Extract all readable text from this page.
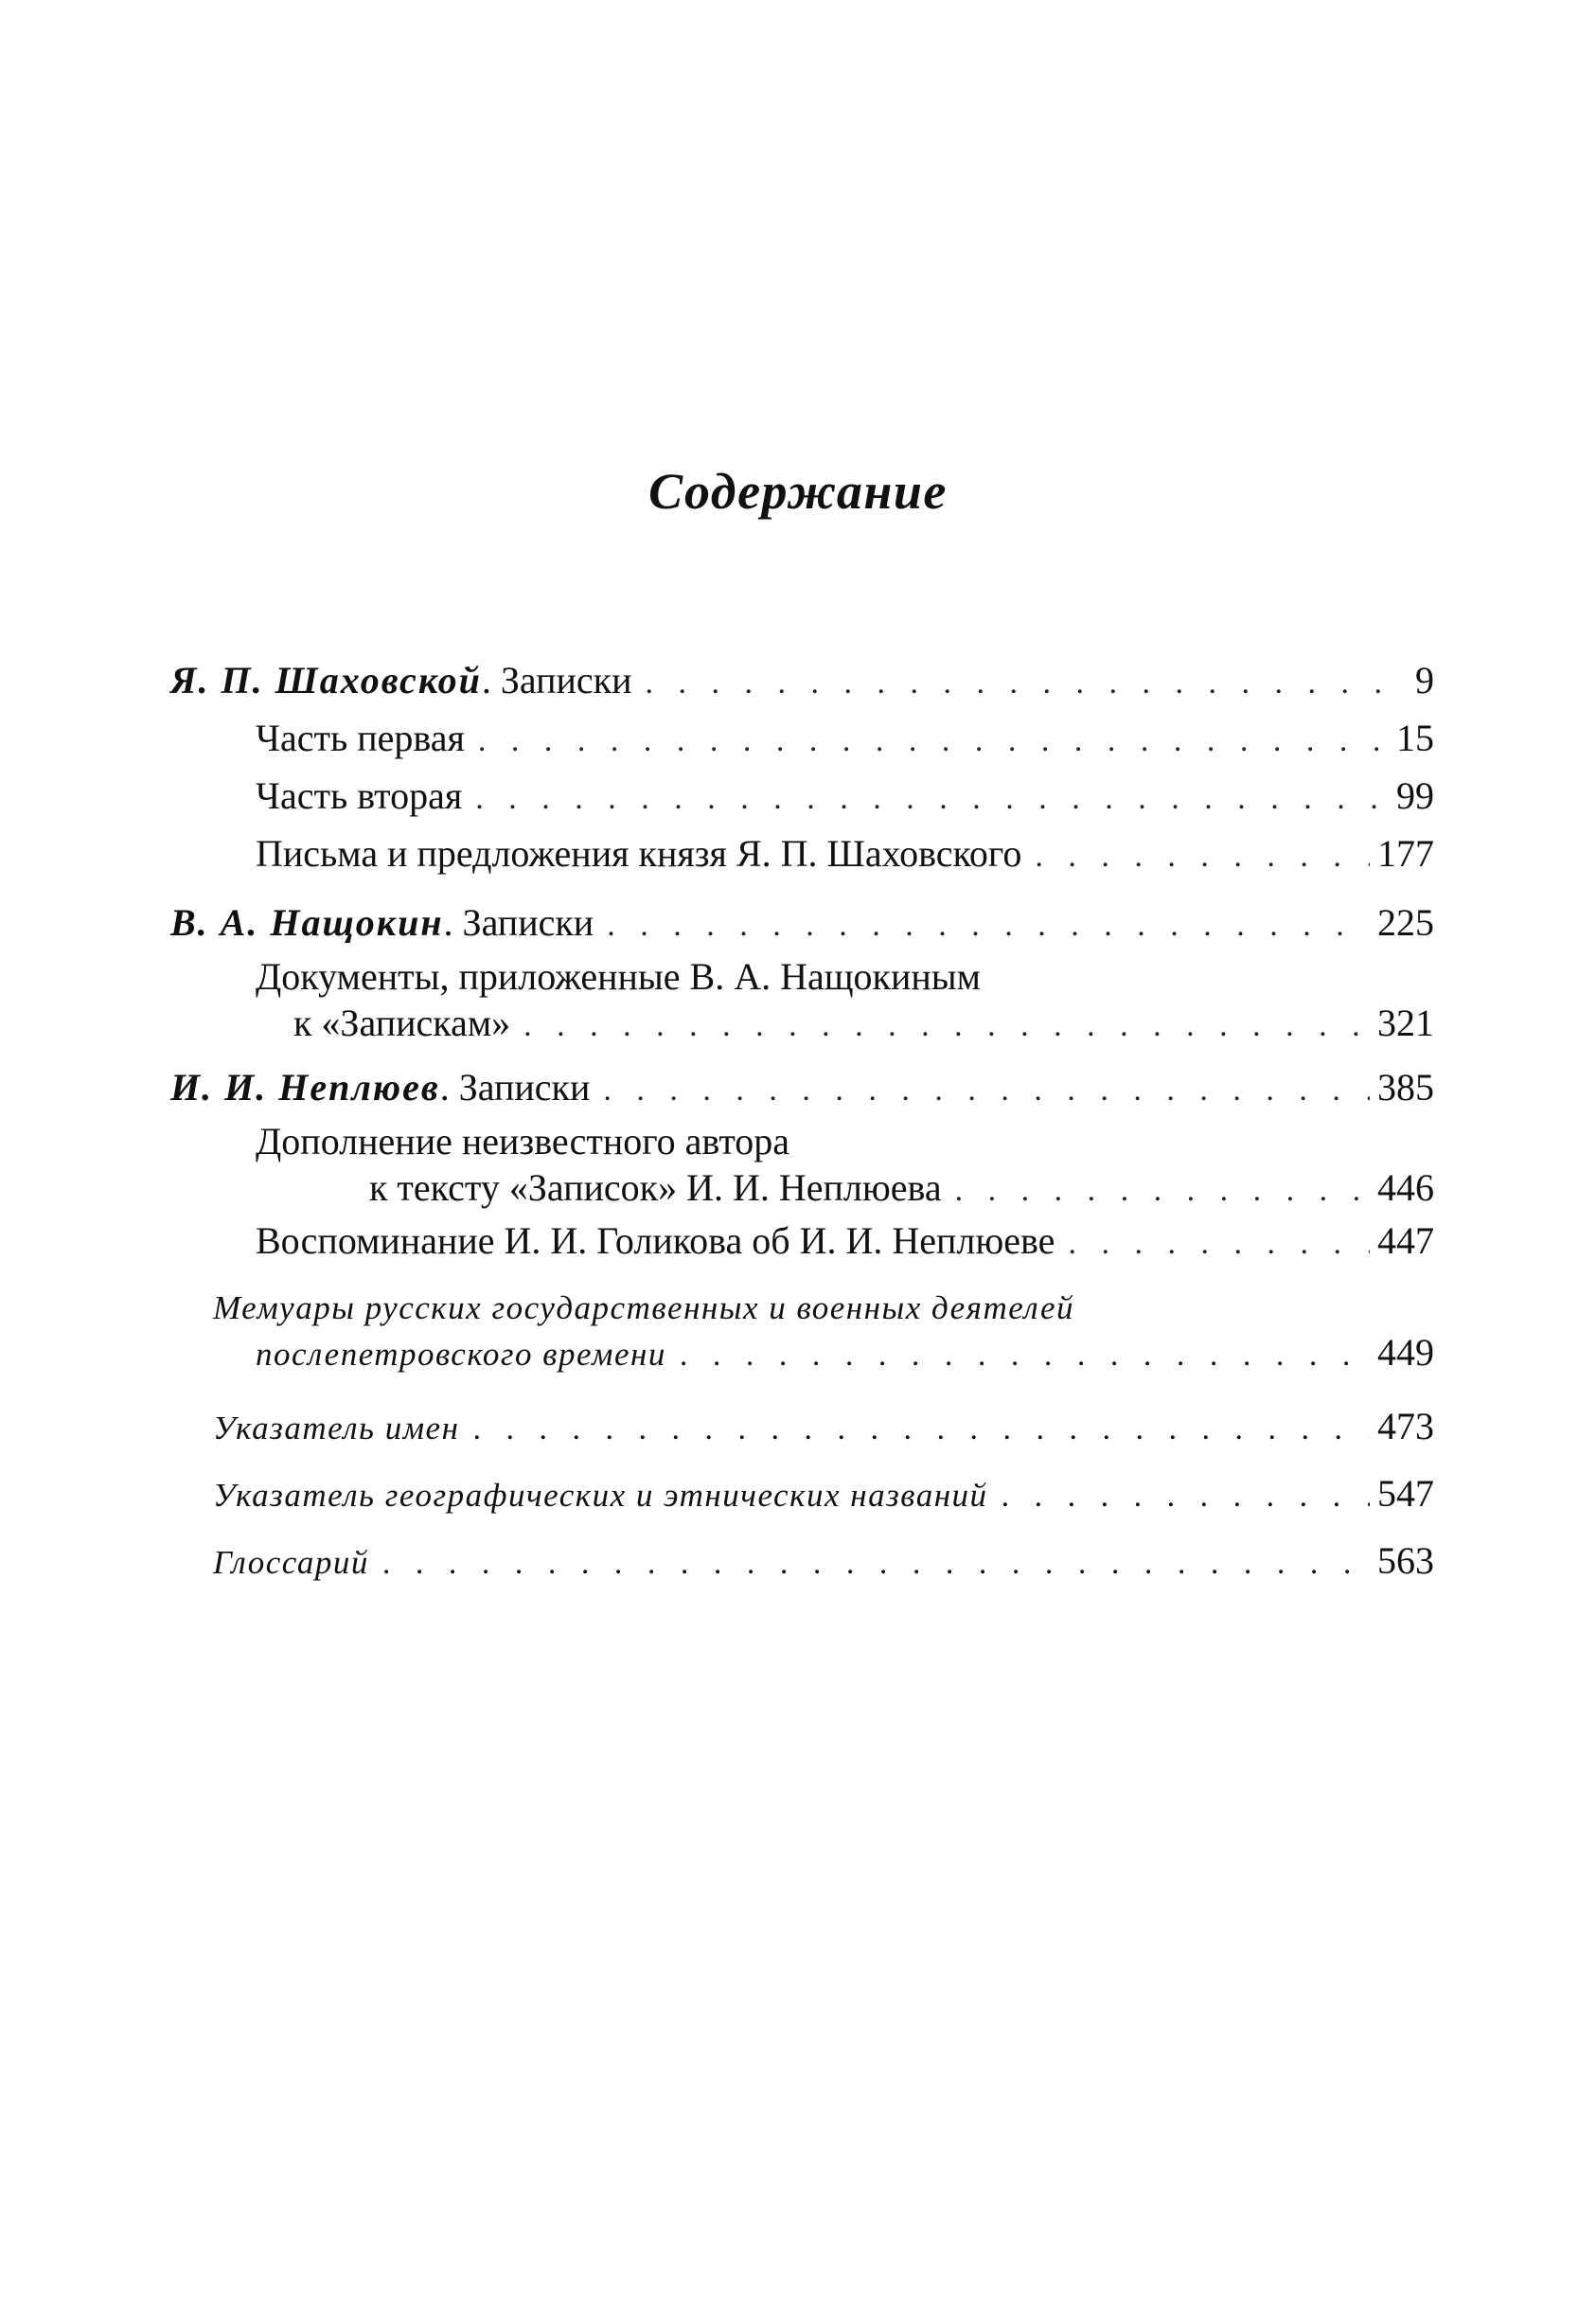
Содержание
Я. П. Шаховской. Записки . . .	9
Часть первая . . .	15
Часть вторая . . .	99
Письма и предложения князя Я. П. Шаховского . . .	177
В. А. Нащокин. Записки . . .	225
Документы, приложенные В. А. Нащокиным
к «Запискам» . . .	321
И. И. Неплюев. Записки . . .	385
Дополнение неизвестного автора
к тексту «Записок» И. И. Неплюева . . .	446
Воспоминание И. И. Голикова об И. И. Неплюеве . . .	447
Мемуары русских государственных и военных деятелей
послепетровского времени . . .	449
Указатель имен . . .	473
Указатель географических и этнических названий . . .	547
Глоссарий . . .	563
